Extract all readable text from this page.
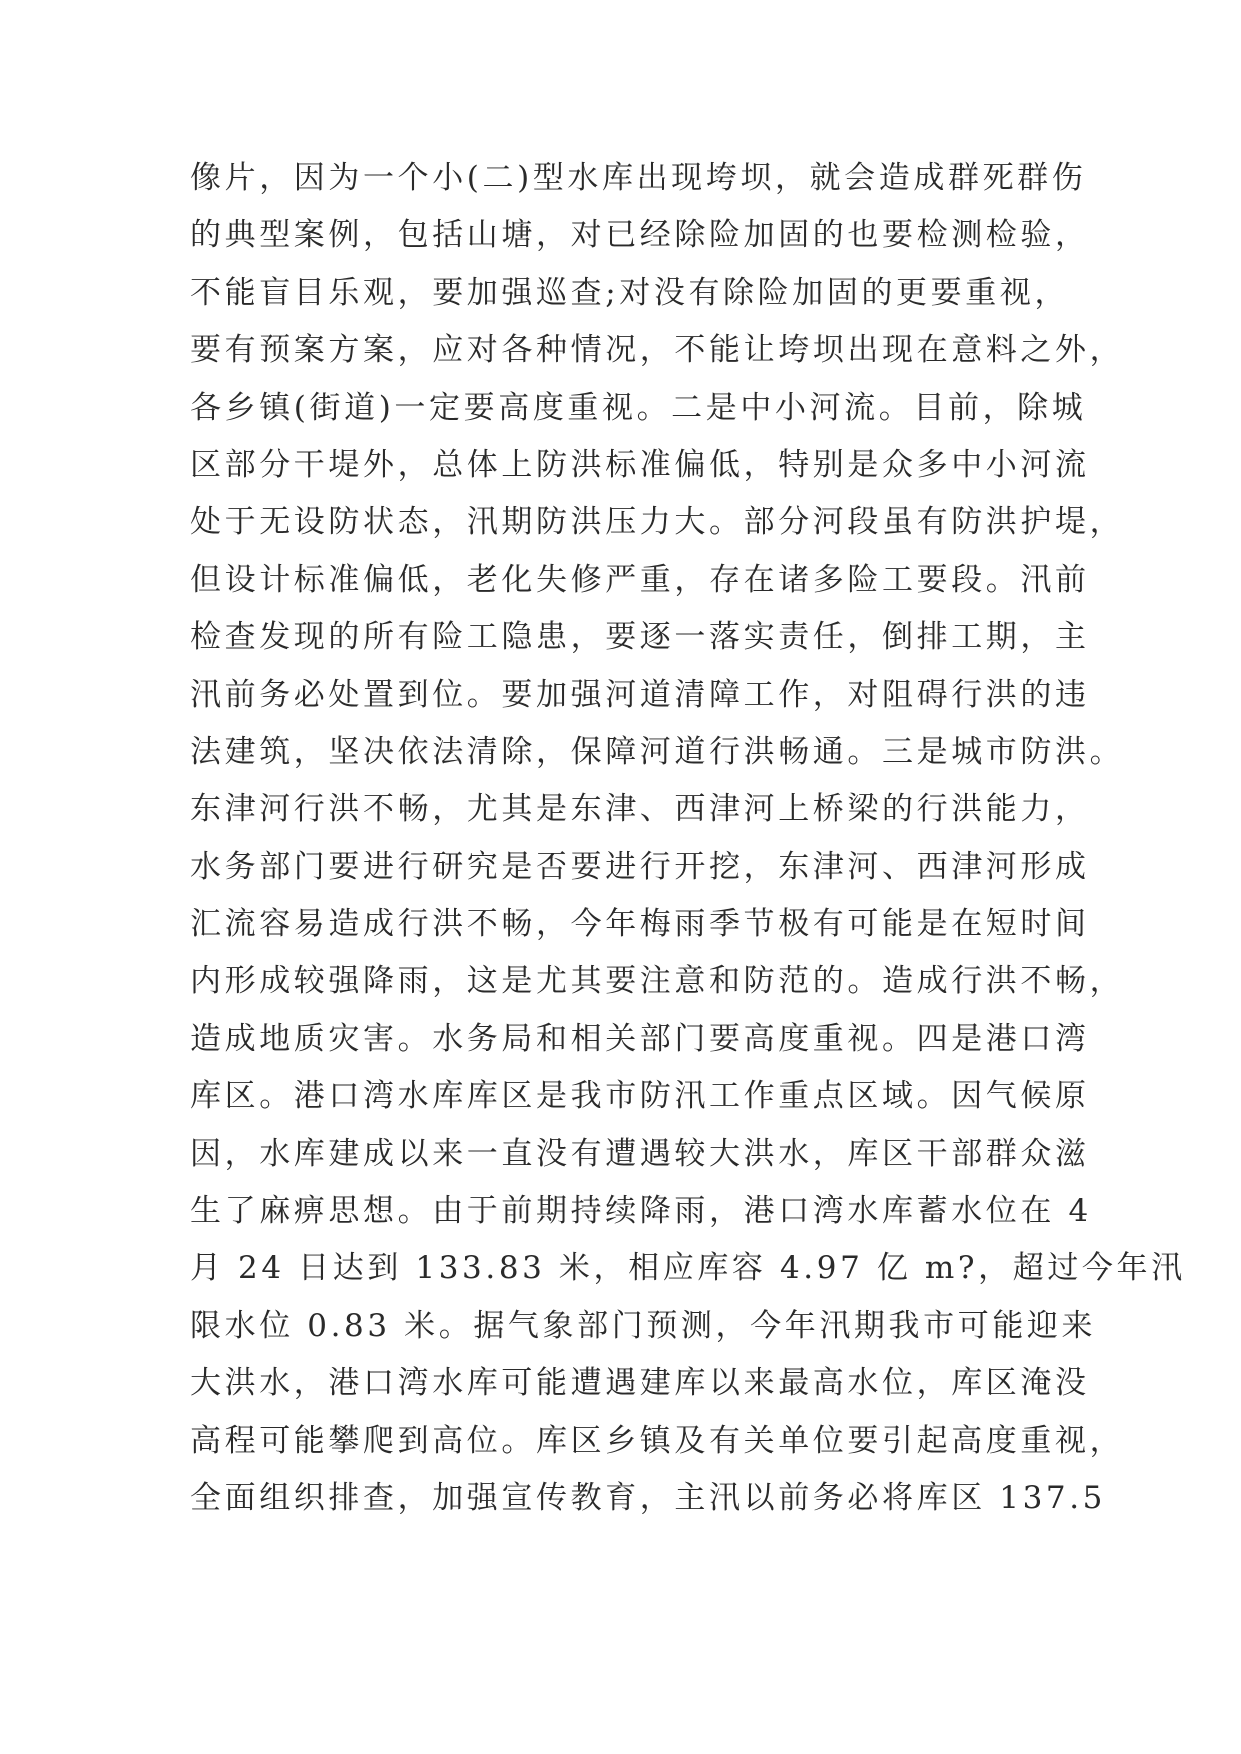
像片，因为一个小(二)型水库出现垮坝，就会造成群死群伤
的典型案例，包括山塘，对已经除险加固的也要检测检验，
不能盲目乐观，要加强巡查;对没有除险加固的更要重视，
要有预案方案，应对各种情况，不能让垮坝出现在意料之外，
各乡镇(街道)一定要高度重视。二是中小河流。目前，除城
区部分干堤外，总体上防洪标准偏低，特别是众多中小河流
处于无设防状态，汛期防洪压力大。部分河段虽有防洪护堤，
但设计标准偏低，老化失修严重，存在诸多险工要段。汛前
检查发现的所有险工隐患，要逐一落实责任，倒排工期，主
汛前务必处置到位。要加强河道清障工作，对阻碍行洪的违
法建筑，坚决依法清除，保障河道行洪畅通。三是城市防洪。
东津河行洪不畅，尤其是东津、西津河上桥梁的行洪能力，
水务部门要进行研究是否要进行开挖，东津河、西津河形成
汇流容易造成行洪不畅，今年梅雨季节极有可能是在短时间
内形成较强降雨，这是尤其要注意和防范的。造成行洪不畅，
造成地质灾害。水务局和相关部门要高度重视。四是港口湾
库区。港口湾水库库区是我市防汛工作重点区域。因气候原
因，水库建成以来一直没有遭遇较大洪水，库区干部群众滋
生了麻痹思想。由于前期持续降雨，港口湾水库蓄水位在 4
月 24 日达到 133.83 米，相应库容 4.97 亿 m?，超过今年汛
限水位 0.83 米。据气象部门预测，今年汛期我市可能迎来
大洪水，港口湾水库可能遭遇建库以来最高水位，库区淹没
高程可能攀爬到高位。库区乡镇及有关单位要引起高度重视，
全面组织排查，加强宣传教育，主汛以前务必将库区 137.5
